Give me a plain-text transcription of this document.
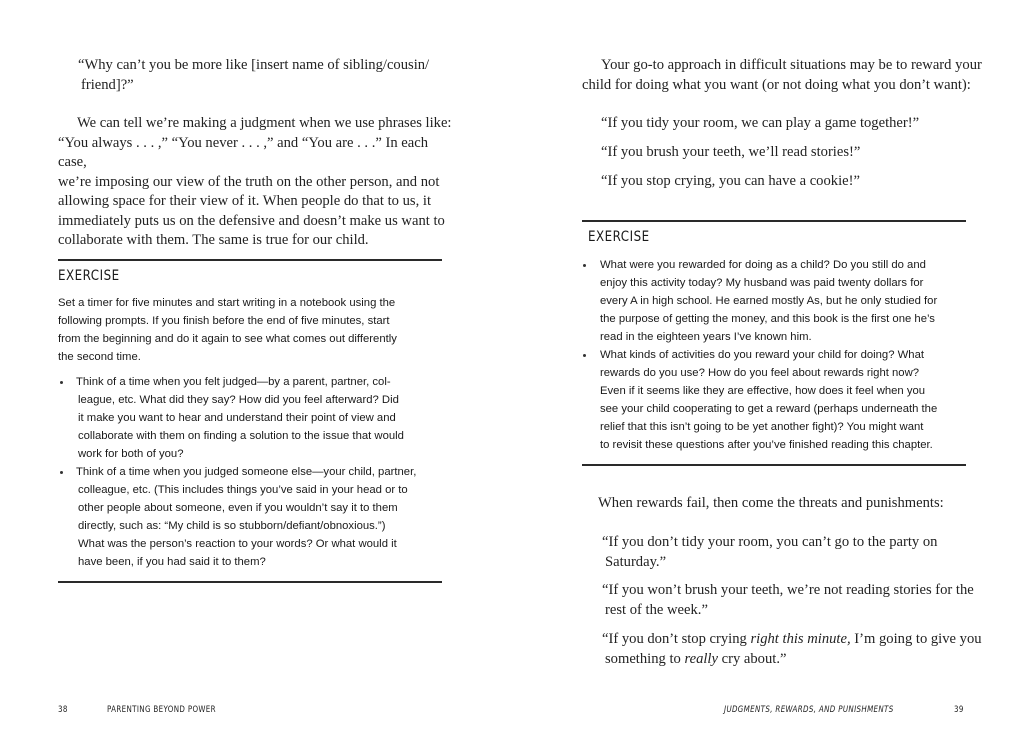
“Why can’t you be more like [insert name of sibling/cousin/

friend]?”

We can tell we’re making a judgment when we use phrases like:

“You always . . . ,” “You never . . . ,” and “You are . . .” In each case,

we’re imposing our view of the truth on the other person, and not

allowing space for their view of it. When people do that to us, it

immediately puts us on the defensive and doesn’t make us want to

collaborate with them. The same is true for our child.

EXERCISE

Set a timer for five minutes and start writing in a notebook using the

following prompts. If you finish before the end of five minutes, start

from the beginning and do it again to see what comes out differently

the second time.

Think of a time when you felt judged—by a parent, partner, col-

league, etc. What did they say? How did you feel afterward? Did

it make you want to hear and understand their point of view and

collaborate with them on finding a solution to the issue that would

work for both of you?

Think of a time when you judged someone else—your child, partner,

colleague, etc. (This includes things you’ve said in your head or to

other people about someone, even if you wouldn’t say it to them

directly, such as: “My child is so stubborn/defiant/obnoxious.”)

What was the person’s reaction to your words? Or what would it

have been, if you had said it to them?

38	PARENTING BEYOND POWER

Your go-to approach in difficult situations may be to reward your

child for doing what you want (or not doing what you don’t want):

“If you tidy your room, we can play a game together!”
“If you brush your teeth, we’ll read stories!”
“If you stop crying, you can have a cookie!”
EXERCISE

What were you rewarded for doing as a child? Do you still do and

enjoy this activity today? My husband was paid twenty dollars for

every A in high school. He earned mostly As, but he only studied for

the purpose of getting the money, and this book is the first one he’s

read in the eighteen years I’ve known him.

What kinds of activities do you reward your child for doing? What

rewards do you use? How do you feel about rewards right now?

Even if it seems like they are effective, how does it feel when you

see your child cooperating to get a reward (perhaps underneath the

relief that this isn’t going to be yet another fight)? You might want

to revisit these questions after you’ve finished reading this chapter.

When rewards fail, then come the threats and punishments:

“If you don’t tidy your room, you can’t go to the party on

Saturday.”

“If you won’t brush your teeth, we’re not reading stories for the

rest of the week.”

“If you don’t stop crying right this minute, I’m going to give you

something to really cry about.”

JUDGMENTS, REWARDS, AND PUNISHMENTS	39
